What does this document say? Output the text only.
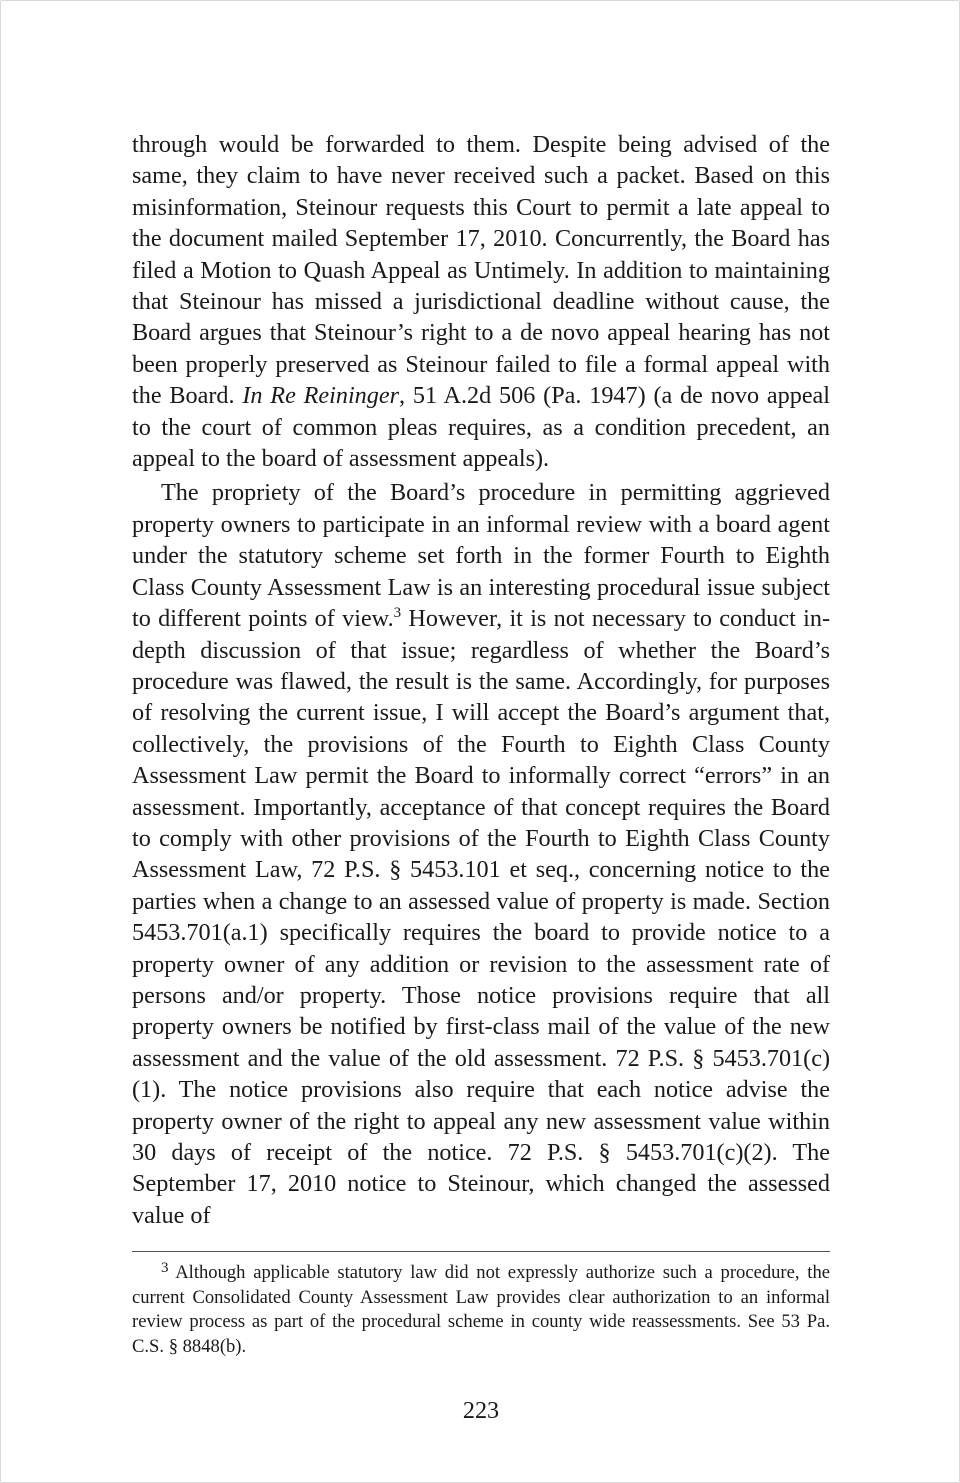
through would be forwarded to them. Despite being advised of the same, they claim to have never received such a packet. Based on this misinformation, Steinour requests this Court to permit a late appeal to the document mailed September 17, 2010. Concurrently, the Board has filed a Motion to Quash Appeal as Untimely. In addition to maintaining that Steinour has missed a jurisdictional deadline without cause, the Board argues that Steinour’s right to a de novo appeal hearing has not been properly preserved as Steinour failed to file a formal appeal with the Board. In Re Reininger, 51 A.2d 506 (Pa. 1947) (a de novo appeal to the court of common pleas requires, as a condition precedent, an appeal to the board of assessment appeals).

The propriety of the Board’s procedure in permitting aggrieved property owners to participate in an informal review with a board agent under the statutory scheme set forth in the former Fourth to Eighth Class County Assessment Law is an interesting procedural issue subject to different points of view.$^3$ However, it is not necessary to conduct in-depth discussion of that issue; regardless of whether the Board’s procedure was flawed, the result is the same. Accordingly, for purposes of resolving the current issue, I will accept the Board’s argument that, collectively, the provisions of the Fourth to Eighth Class County Assessment Law permit the Board to informally correct “errors” in an assessment. Importantly, acceptance of that concept requires the Board to comply with other provisions of the Fourth to Eighth Class County Assessment Law, 72 P.S. § 5453.101 et seq., concerning notice to the parties when a change to an assessed value of property is made. Section 5453.701(a.1) specifically requires the board to provide notice to a property owner of any addition or revision to the assessment rate of persons and/or property. Those notice provisions require that all property owners be notified by first-class mail of the value of the new assessment and the value of the old assessment. 72 P.S. § 5453.701(c)(1). The notice provisions also require that each notice advise the property owner of the right to appeal any new assessment value within 30 days of receipt of the notice. 72 P.S. § 5453.701(c)(2). The September 17, 2010 notice to Steinour, which changed the assessed value of

$^3$ Although applicable statutory law did not expressly authorize such a procedure, the current Consolidated County Assessment Law provides clear authorization to an informal review process as part of the procedural scheme in county wide reassessments. See 53 Pa. C.S. § 8848(b).

223
